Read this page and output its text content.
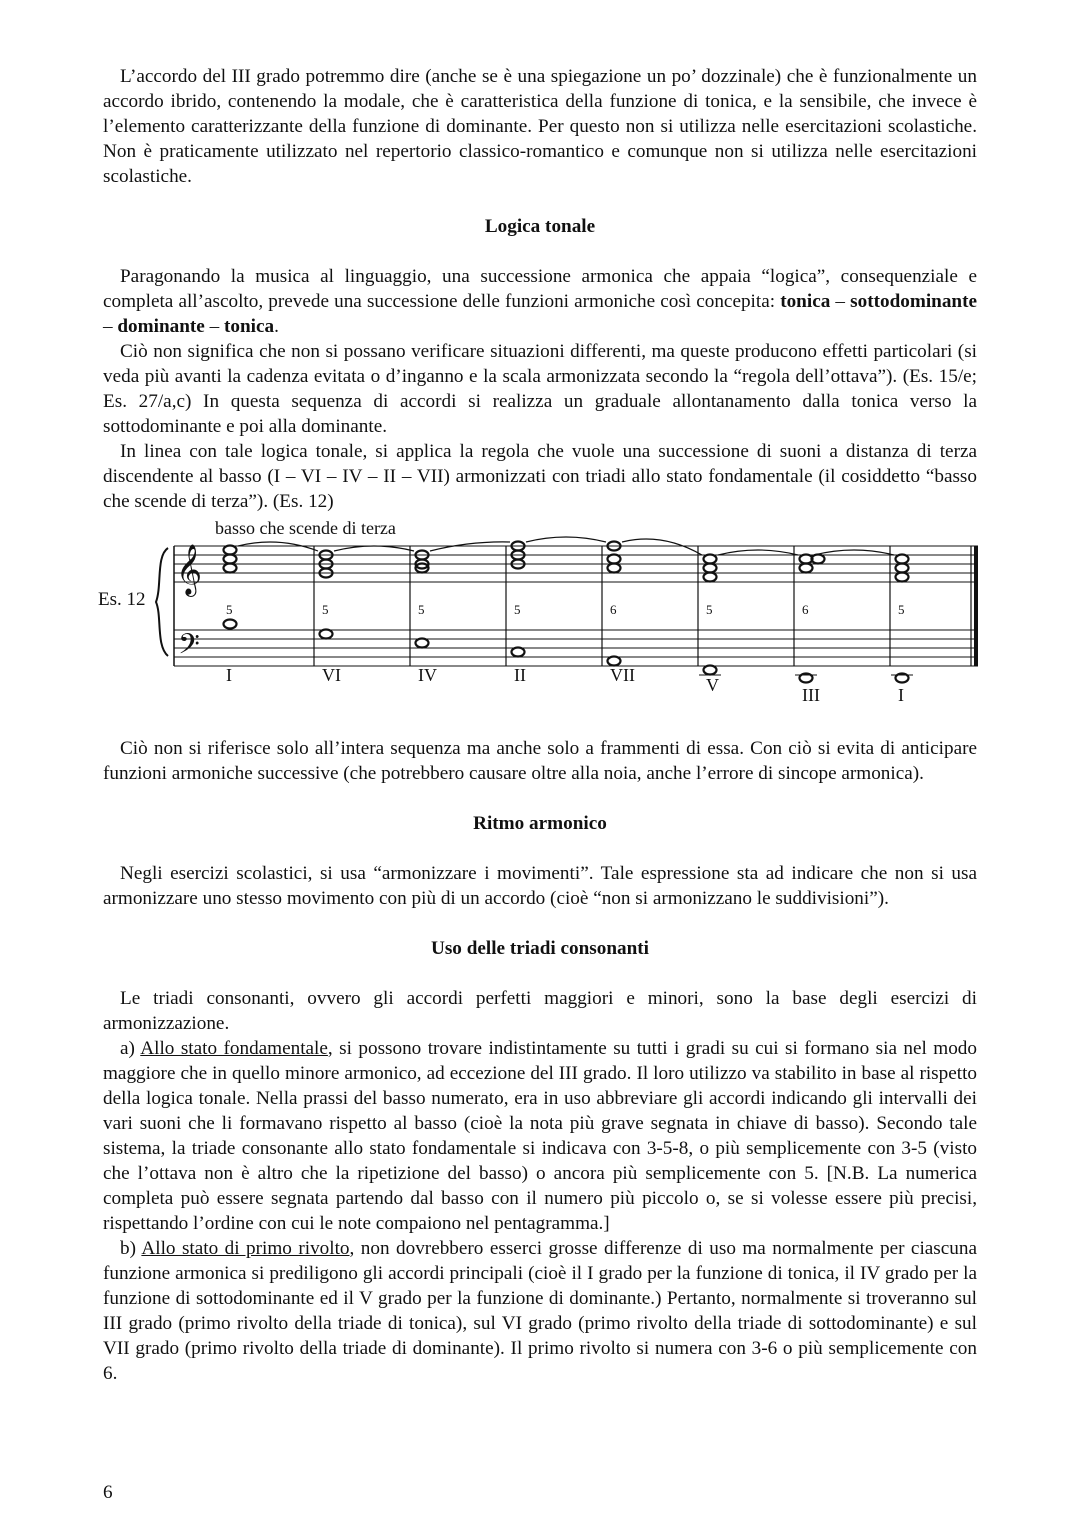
L’accordo del III grado potremmo dire (anche se è una spiegazione un po’ dozzinale) che è funzionalmente un accordo ibrido, contenendo la modale, che è caratteristica della funzione di tonica, e la sensibile, che invece è l’elemento caratterizzante della funzione di dominante. Per questo non si utilizza nelle esercitazioni scolastiche. Non è praticamente utilizzato nel repertorio classico-romantico e comunque non si utilizza nelle esercitazioni scolastiche.

Logica tonale

Paragonando la musica al linguaggio, una successione armonica che appaia “logica”, consequenziale e completa all’ascolto, prevede una successione delle funzioni armoniche così concepita: tonica – sottodominante – dominante – tonica.

Ciò non significa che non si possano verificare situazioni differenti, ma queste producono effetti particolari (si veda più avanti la cadenza evitata o d’inganno e la scala armonizzata secondo la “regola dell’ottava”). (Es. 15/e; Es. 27/a,c) In questa sequenza di accordi si realizza un graduale allontanamento dalla tonica verso la sottodominante e poi alla dominante.

In linea con tale logica tonale, si applica la regola che vuole una successione di suoni a distanza di terza discendente al basso (I – VI – IV – II – VII) armonizzati con triadi allo stato fondamentale (il cosiddetto “basso che scende di terza”). (Es. 12)

Es. 12
basso che scende di terza
𝄞
𝄢
5	5	5	5	6	5	6	5
I	VI	IV	II	VII	V	III	I

Ciò non si riferisce solo all’intera sequenza ma anche solo a frammenti di essa. Con ciò si evita di anticipare funzioni armoniche successive (che potrebbero causare oltre alla noia, anche l’errore di sincope armonica).

Ritmo armonico

Negli esercizi scolastici, si usa “armonizzare i movimenti”. Tale espressione sta ad indicare che non si usa armonizzare uno stesso movimento con più di un accordo (cioè “non si armonizzano le suddivisioni”).

Uso delle triadi consonanti

Le triadi consonanti, ovvero gli accordi perfetti maggiori e minori, sono la base degli esercizi di armonizzazione.

a) Allo stato fondamentale, si possono trovare indistintamente su tutti i gradi su cui si formano sia nel modo maggiore che in quello minore armonico, ad eccezione del III grado. Il loro utilizzo va stabilito in base al rispetto della logica tonale. Nella prassi del basso numerato, era in uso abbreviare gli accordi indicando gli intervalli dei vari suoni che li formavano rispetto al basso (cioè la nota più grave segnata in chiave di basso). Secondo tale sistema, la triade consonante allo stato fondamentale si indicava con 3-5-8, o più semplicemente con 3-5 (visto che l’ottava non è altro che la ripetizione del basso) o ancora più semplicemente con 5. [N.B. La numerica completa può essere segnata partendo dal basso con il numero più piccolo o, se si volesse essere più precisi, rispettando l’ordine con cui le note compaiono nel pentagramma.]

b) Allo stato di primo rivolto, non dovrebbero esserci grosse differenze di uso ma normalmente per ciascuna funzione armonica si prediligono gli accordi principali (cioè il I grado per la funzione di tonica, il IV grado per la funzione di sottodominante ed il V grado per la funzione di dominante.) Pertanto, normalmente si troveranno sul III grado (primo rivolto della triade di tonica), sul VI grado (primo rivolto della triade di sottodominante) e sul VII grado (primo rivolto della triade di dominante). Il primo rivolto si numera con 3-6 o più semplicemente con 6.

6
